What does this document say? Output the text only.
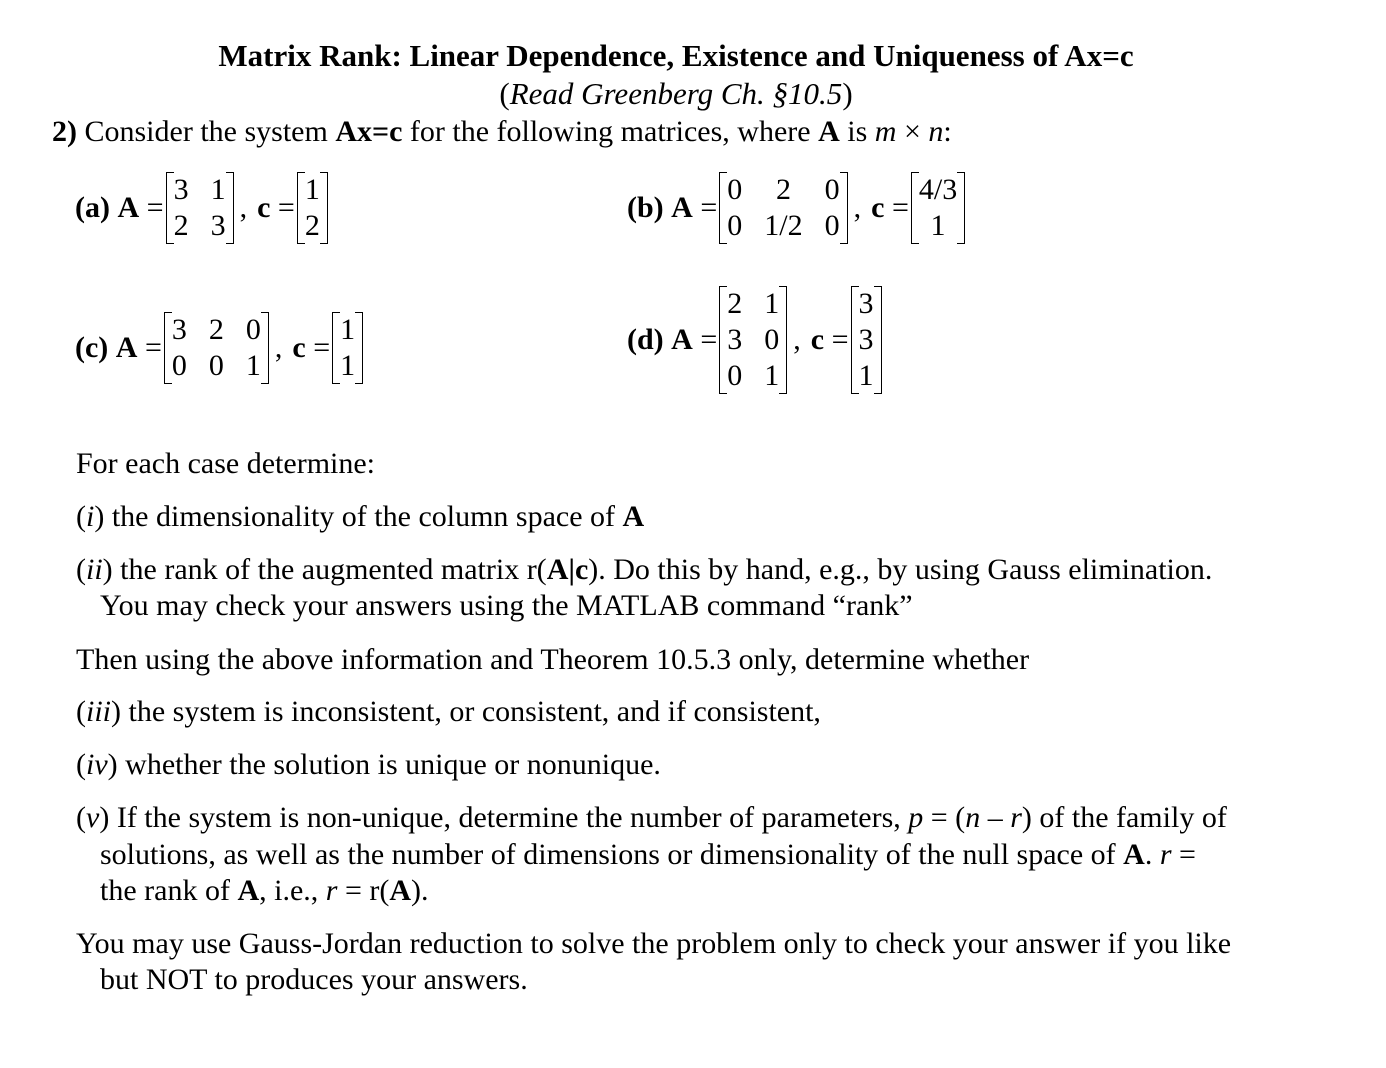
Matrix Rank: Linear Dependence, Existence and Uniqueness of Ax=c
(Read Greenberg Ch. §10.5)
2) Consider the system Ax=c for the following matrices, where A is m × n:
(a) A =
3 1
2 3
, c =
1
2
(b) A =
0 2 0
0 1/2 0
, c =
4/3
1
(c) A =
3 2 0
0 0 1
, c =
1
1
(d) A =
2 1
3 0
0 1
, c =
3
3
1
For each case determine:
(i) the dimensionality of the column space of A
(ii) the rank of the augmented matrix r(A|c). Do this by hand, e.g., by using Gauss elimination.
You may check your answers using the MATLAB command “rank”
Then using the above information and Theorem 10.5.3 only, determine whether
(iii) the system is inconsistent, or consistent, and if consistent,
(iv) whether the solution is unique or nonunique.
(v) If the system is non-unique, determine the number of parameters, p = (n – r) of the family of
solutions, as well as the number of dimensions or dimensionality of the null space of A. r =
the rank of A, i.e., r = r(A).
You may use Gauss-Jordan reduction to solve the problem only to check your answer if you like
but NOT to produces your answers.
